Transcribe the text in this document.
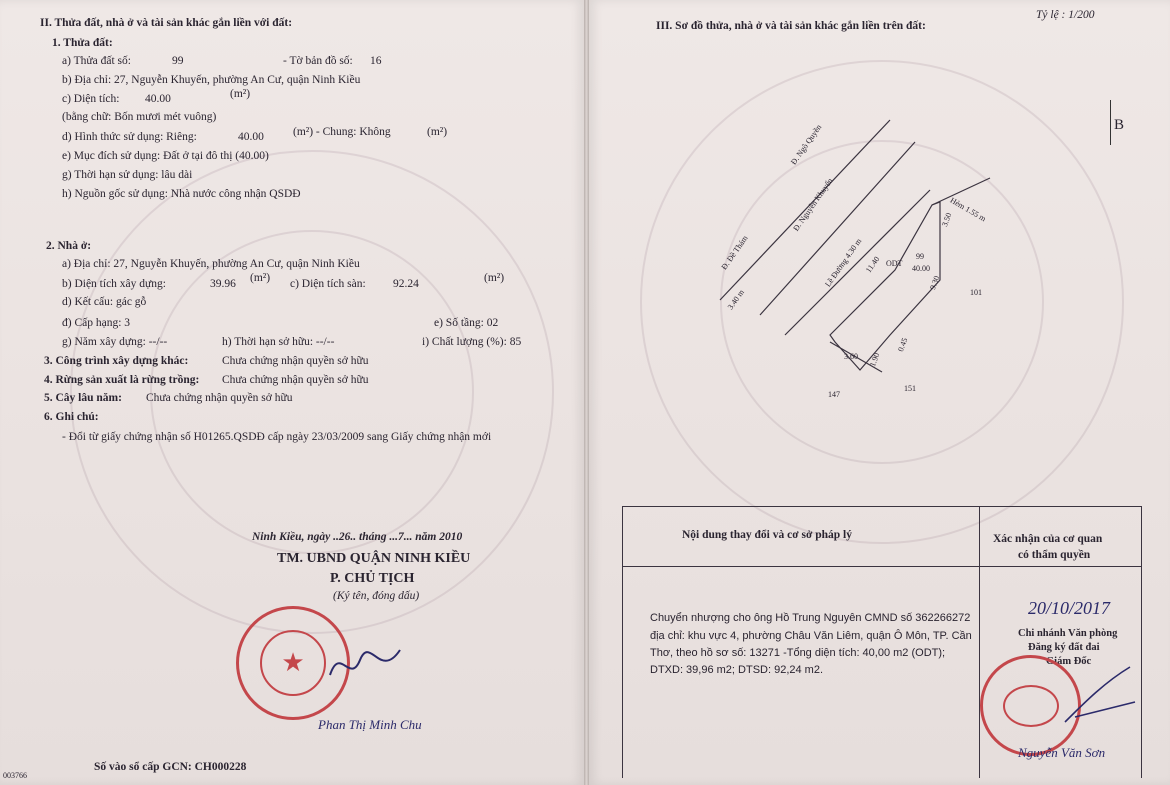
II. Thửa đất, nhà ở và tài sản khác gắn liền với đất:
1. Thửa đất:
a) Thửa đất số:	99	- Tờ bản đồ số: 16
b) Địa chỉ: 27, Nguyễn Khuyến, phường An Cư, quận Ninh Kiều
c) Diện tích: 40.00	(m²)
(bằng chữ: Bốn mươi mét vuông)
d) Hình thức sử dụng: Riêng:	40.00	(m²) - Chung: Không	(m²)
e) Mục đích sử dụng: Đất ở tại đô thị (40.00)
g) Thời hạn sử dụng: lâu dài
h) Nguồn gốc sử dụng: Nhà nước công nhận QSDĐ
2. Nhà ở:
a) Địa chỉ: 27, Nguyễn Khuyến, phường An Cư, quận Ninh Kiều
b) Diện tích xây dựng:	39.96 (m²) c) Diện tích sàn: 92.24	(m²)
d) Kết cấu: gác gỗ
đ) Cấp hạng: 3	e) Số tầng: 02
g) Năm xây dựng: --/--	h) Thời hạn sở hữu: --/--	i) Chất lượng (%): 85
3. Công trình xây dựng khác:	Chưa chứng nhận quyền sở hữu
4. Rừng sản xuất là rừng trồng: Chưa chứng nhận quyền sở hữu
5. Cây lâu năm: Chưa chứng nhận quyền sở hữu
6. Ghi chú:
- Đổi từ giấy chứng nhận số H01265.QSDĐ cấp ngày 23/03/2009 sang Giấy chứng nhận mới
Ninh Kiều, ngày ..26.. tháng ...7... năm 2010
TM. UBND QUẬN NINH KIỀU
P. CHỦ TỊCH
(Ký tên, đóng dấu)
★
Phan Thị Minh Chu
Số vào sổ cấp GCN: CH000228
003766
III. Sơ đồ thửa, nhà ở và tài sản khác gắn liền trên đất:
Tỷ lệ : 1/200
B
Đ. Đề Thám
Đ. Nguyễn Khuyến
Đ. Ngô Quyền
Hẻm 1.55 m
Lề Đường 4.30 m	ODT
99
40.00
3.40 m
11.40
3.50
9.30
0.45
1.90
3.60
101
147
151
Nội dung thay đổi và cơ sở pháp lý	Xác nhận của cơ quan
có thẩm quyền
Chuyển nhượng cho ông Hồ Trung Nguyên CMND số 362266272
địa chỉ: khu vực 4, phường Châu Văn Liêm, quận Ô Môn, TP. Cần
Thơ, theo hồ sơ số: 13271 -Tổng diện tích: 40,00 m2 (ODT);
DTXD: 39,96 m2; DTSD: 92,24 m2.
20/10/2017
Chi nhánh Văn phòng
Đăng ký đất đai
Giám Đốc
Nguyễn Văn Sơn
